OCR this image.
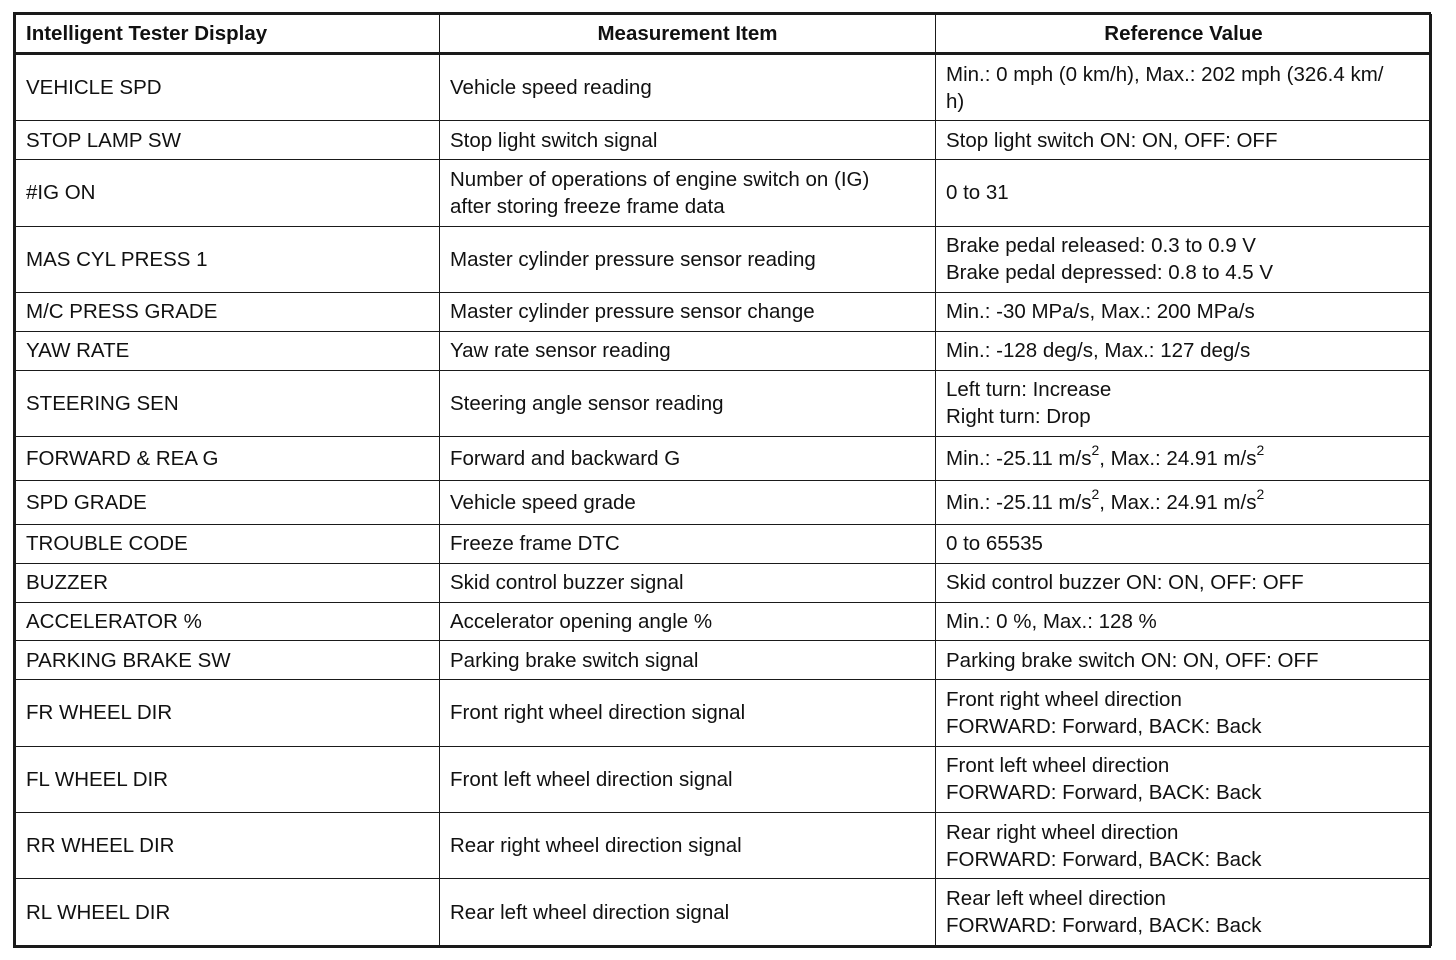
Intelligent Tester Display	Measurement Item	Reference Value
VEHICLE SPD	Vehicle speed reading	Min.: 0 mph (0 km/h), Max.: 202 mph (326.4 km/
h)

STOP LAMP SW	Stop light switch signal	Stop light switch ON: ON, OFF: OFF

#IG ON	Number of operations of engine switch on (IG)
after storing freeze frame data	0 to 31

MAS CYL PRESS 1	Master cylinder pressure sensor reading	Brake pedal released: 0.3 to 0.9 V
Brake pedal depressed: 0.8 to 4.5 V

M/C PRESS GRADE	Master cylinder pressure sensor change	Min.: -30 MPa/s, Max.: 200 MPa/s

YAW RATE	Yaw rate sensor reading	Min.: -128 deg/s, Max.: 127 deg/s

STEERING SEN	Steering angle sensor reading	Left turn: Increase
Right turn: Drop

FORWARD & REA G	Forward and backward G	Min.: -25.11 $m/s^2$, Max.: 24.91 $m/s^2$

SPD GRADE	Vehicle speed grade	Min.: -25.11 $m/s^2$, Max.: 24.91 $m/s^2$

TROUBLE CODE	Freeze frame DTC	0 to 65535

BUZZER	Skid control buzzer signal	Skid control buzzer ON: ON, OFF: OFF

ACCELERATOR %	Accelerator opening angle %	Min.: 0 %, Max.: 128 %

PARKING BRAKE SW	Parking brake switch signal	Parking brake switch ON: ON, OFF: OFF

FR WHEEL DIR	Front right wheel direction signal	Front right wheel direction
FORWARD: Forward, BACK: Back

FL WHEEL DIR	Front left wheel direction signal	Front left wheel direction
FORWARD: Forward, BACK: Back

RR WHEEL DIR	Rear right wheel direction signal	Rear right wheel direction
FORWARD: Forward, BACK: Back

RL WHEEL DIR	Rear left wheel direction signal	Rear left wheel direction
FORWARD: Forward, BACK: Back
